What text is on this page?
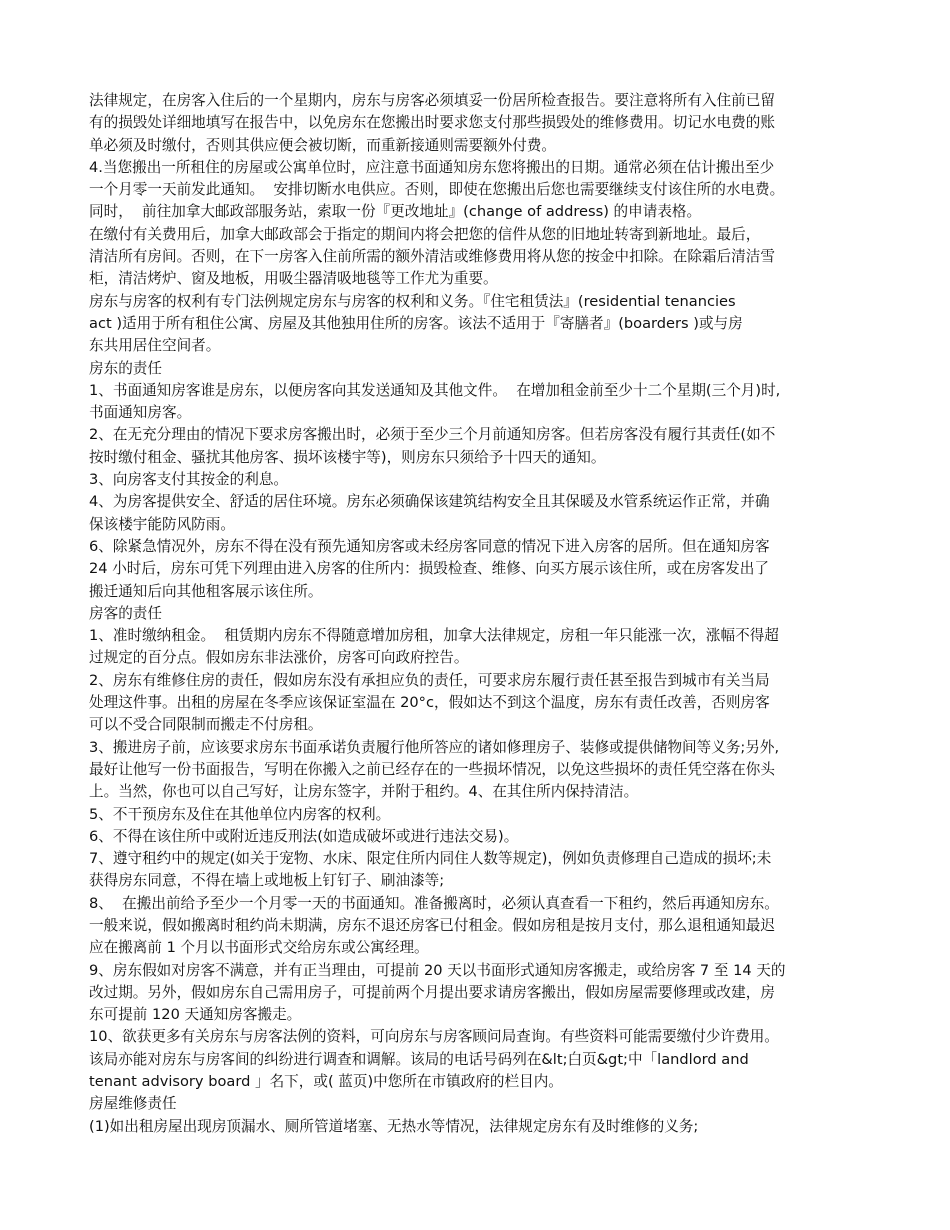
法律规定，在房客入住后的一个星期内，房东与房客必须填妥一份居所检查报告。要注意将所有入住前已留
有的损毁处详细地填写在报告中，以免房东在您搬出时要求您支付那些损毁处的维修费用。切记水电费的账
单必须及时缴付，否则其供应便会被切断，而重新接通则需要额外付费。
4.当您搬出一所租住的房屋或公寓单位时，应注意书面通知房东您将搬出的日期。通常必须在估计搬出至少
一个月零一天前发此通知。  安排切断水电供应。否则，即使在您搬出后您也需要继续支付该住所的水电费。
同时，  前往加拿大邮政部服务站，索取一份『更改地址』(change of address) 的申请表格。
在缴付有关费用后，加拿大邮政部会于指定的期间内将会把您的信件从您的旧地址转寄到新地址。最后，
清洁所有房间。否则，在下一房客入住前所需的额外清洁或维修费用将从您的按金中扣除。在除霜后清洁雪
柜，清洁烤炉、窗及地板，用吸尘器清吸地毯等工作尤为重要。
房东与房客的权利有专门法例规定房东与房客的权利和义务。『住宅租赁法』(residential tenancies
act )适用于所有租住公寓、房屋及其他独用住所的房客。该法不适用于『寄膳者』(boarders )或与房
东共用居住空间者。
房东的责任
1、书面通知房客谁是房东，以便房客向其发送通知及其他文件。  在增加租金前至少十二个星期(三个月)时,
书面通知房客。
2、在无充分理由的情况下要求房客搬出时，必须于至少三个月前通知房客。但若房客没有履行其责任(如不
按时缴付租金、骚扰其他房客、损坏该楼宇等)，则房东只须给予十四天的通知。
3、向房客支付其按金的利息。
4、为房客提供安全、舒适的居住环境。房东必须确保该建筑结构安全且其保暖及水管系统运作正常，并确
保该楼宇能防风防雨。
6、除紧急情况外，房东不得在没有预先通知房客或未经房客同意的情况下进入房客的居所。但在通知房客
24 小时后，房东可凭下列理由进入房客的住所内：损毁检查、维修、向买方展示该住所，或在房客发出了
搬迁通知后向其他租客展示该住所。
房客的责任
1、准时缴纳租金。  租赁期内房东不得随意增加房租，加拿大法律规定，房租一年只能涨一次，涨幅不得超
过规定的百分点。假如房东非法涨价，房客可向政府控告。
2、房东有维修住房的责任，假如房东没有承担应负的责任，可要求房东履行责任甚至报告到城市有关当局
处理这件事。出租的房屋在冬季应该保证室温在 20°c，假如达不到这个温度，房东有责任改善，否则房客
可以不受合同限制而搬走不付房租。
3、搬进房子前，应该要求房东书面承诺负责履行他所答应的诸如修理房子、装修或提供储物间等义务;另外,
最好让他写一份书面报告，写明在你搬入之前已经存在的一些损坏情况，以免这些损坏的责任凭空落在你头
上。当然，你也可以自己写好，让房东签字，并附于租约。4、在其住所内保持清洁。
5、不干预房东及住在其他单位内房客的权利。
6、不得在该住所中或附近违反刑法(如造成破坏或进行违法交易)。
7、遵守租约中的规定(如关于宠物、水床、限定住所内同住人数等规定)，例如负责修理自己造成的损坏;未
获得房东同意，不得在墙上或地板上钉钉子、刷油漆等;
8、  在搬出前给予至少一个月零一天的书面通知。准备搬离时，必须认真查看一下租约，然后再通知房东。
一般来说，假如搬离时租约尚未期满，房东不退还房客已付租金。假如房租是按月支付，那么退租通知最迟
应在搬离前 1 个月以书面形式交给房东或公寓经理。
9、房东假如对房客不满意，并有正当理由，可提前 20 天以书面形式通知房客搬走，或给房客 7 至 14 天的
改过期。另外，假如房东自己需用房子，可提前两个月提出要求请房客搬出，假如房屋需要修理或改建，房
东可提前 120 天通知房客搬走。
10、欲获更多有关房东与房客法例的资料，可向房东与房客顾问局查询。有些资料可能需要缴付少许费用。
该局亦能对房东与房客间的纠纷进行调查和调解。该局的电话号码列在&lt;白页&gt;中「landlord and
tenant advisory board 」名下，或( 蓝页)中您所在市镇政府的栏目内。
房屋维修责任
(1)如出租房屋出现房顶漏水、厕所管道堵塞、无热水等情况，法律规定房东有及时维修的义务;
